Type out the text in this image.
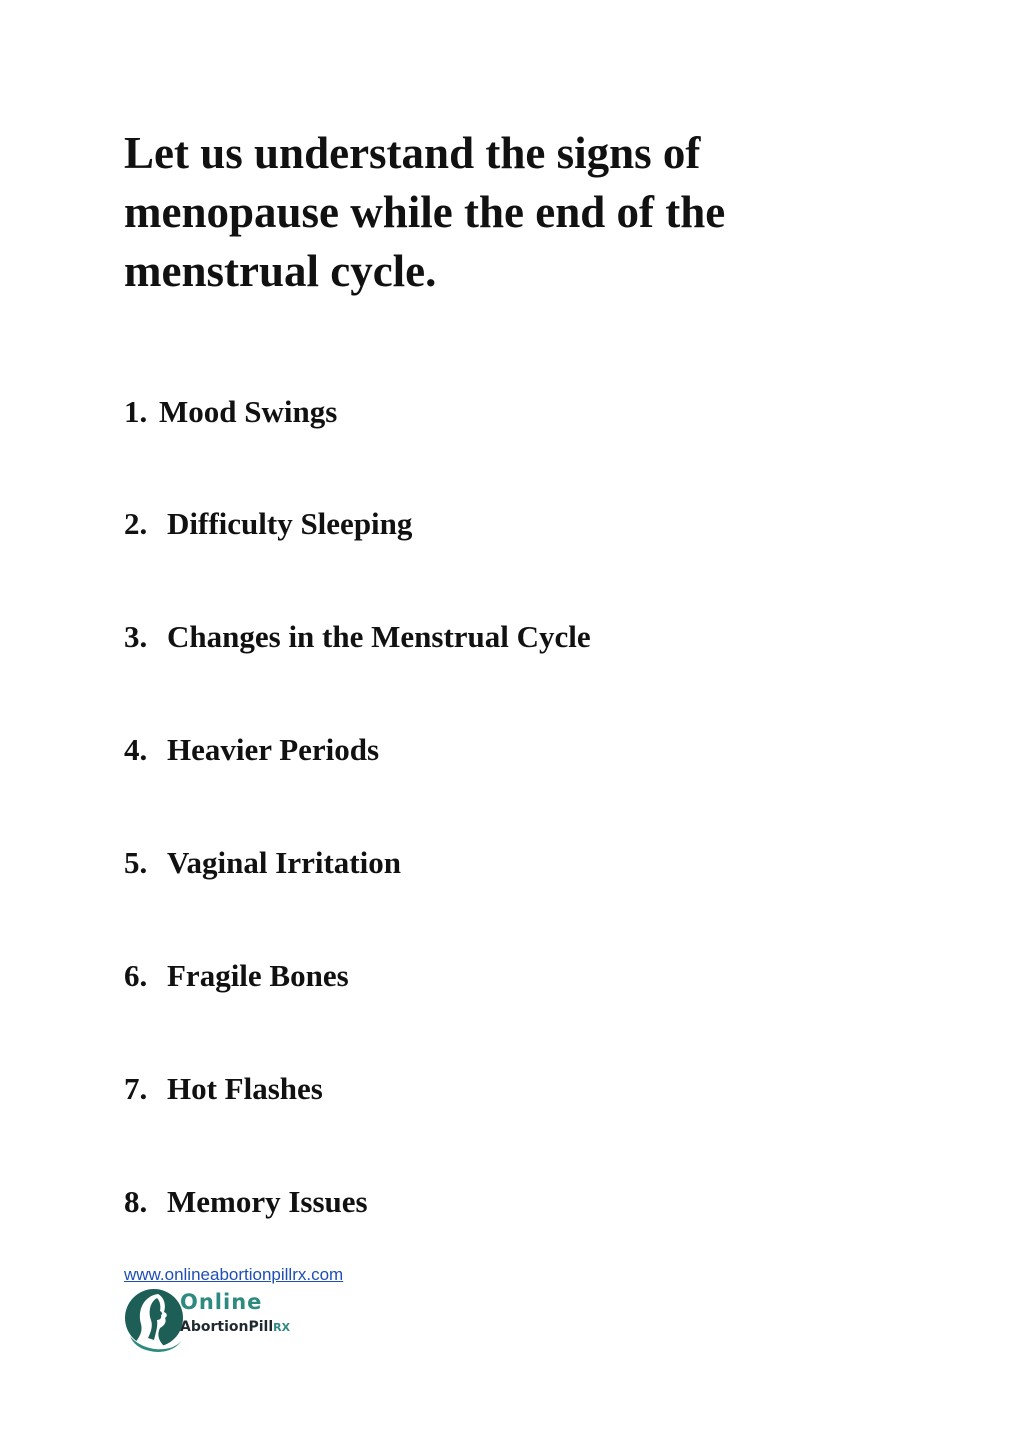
Let us understand the signs of menopause while the end of the menstrual cycle.

1. Mood Swings

2. Difficulty Sleeping

3. Changes in the Menstrual Cycle

4. Heavier Periods

5. Vaginal Irritation

6. Fragile Bones

7. Hot Flashes

8. Memory Issues

www.onlineabortionpillrx.com
Online
AbortionPillRX
